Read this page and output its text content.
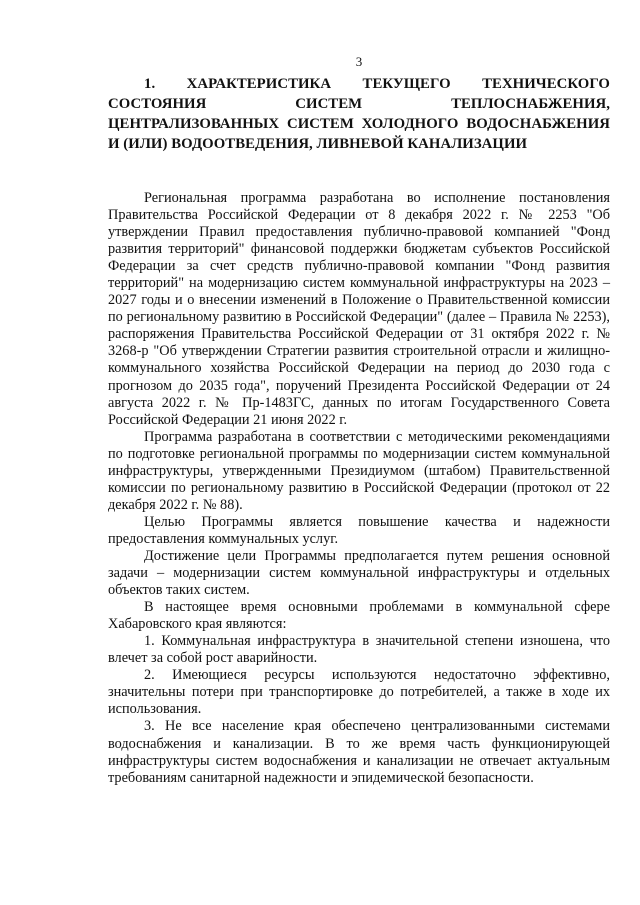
3
1. ХАРАКТЕРИСТИКА ТЕКУЩЕГО ТЕХНИЧЕСКОГО СОСТОЯНИЯ СИСТЕМ ТЕПЛОСНАБЖЕНИЯ, ЦЕНТРАЛИЗОВАННЫХ СИСТЕМ ХОЛОДНОГО ВОДОСНАБЖЕНИЯ И (ИЛИ) ВОДООТВЕДЕНИЯ, ЛИВНЕВОЙ КАНАЛИЗАЦИИ

Региональная программа разработана во исполнение постановления Правительства Российской Федерации от 8 декабря 2022 г. № 2253 "Об утверждении Правил предоставления публично-правовой компанией "Фонд развития территорий" финансовой поддержки бюджетам субъектов Российской Федерации за счет средств публично-правовой компании "Фонд развития территорий" на модернизацию систем коммунальной инфраструктуры на 2023 – 2027 годы и о внесении изменений в Положение о Правительственной комиссии по региональному развитию в Российской Федерации" (далее – Правила № 2253), распоряжения Правительства Российской Федерации от 31 октября 2022 г. № 3268-р "Об утверждении Стратегии развития строительной отрасли и жилищно-коммунального хозяйства Российской Федерации на период до 2030 года с прогнозом до 2035 года", поручений Президента Российской Федерации от 24 августа 2022 г. № Пр-1483ГС, данных по итогам Государственного Совета Российской Федерации 21 июня 2022 г.

Программа разработана в соответствии с методическими рекомендациями по подготовке региональной программы по модернизации систем коммунальной инфраструктуры, утвержденными Президиумом (штабом) Правительственной комиссии по региональному развитию в Российской Федерации (протокол от 22 декабря 2022 г. № 88).

Целью Программы является повышение качества и надежности предоставления коммунальных услуг.

Достижение цели Программы предполагается путем решения основной задачи – модернизации систем коммунальной инфраструктуры и отдельных объектов таких систем.

В настоящее время основными проблемами в коммунальной сфере Хабаровского края являются:

1. Коммунальная инфраструктура в значительной степени изношена, что влечет за собой рост аварийности.

2. Имеющиеся ресурсы используются недостаточно эффективно, значительны потери при транспортировке до потребителей, а также в ходе их использования.

3. Не все население края обеспечено централизованными системами водоснабжения и канализации. В то же время часть функционирующей инфраструктуры систем водоснабжения и канализации не отвечает актуальным требованиям санитарной надежности и эпидемической безопасности.
